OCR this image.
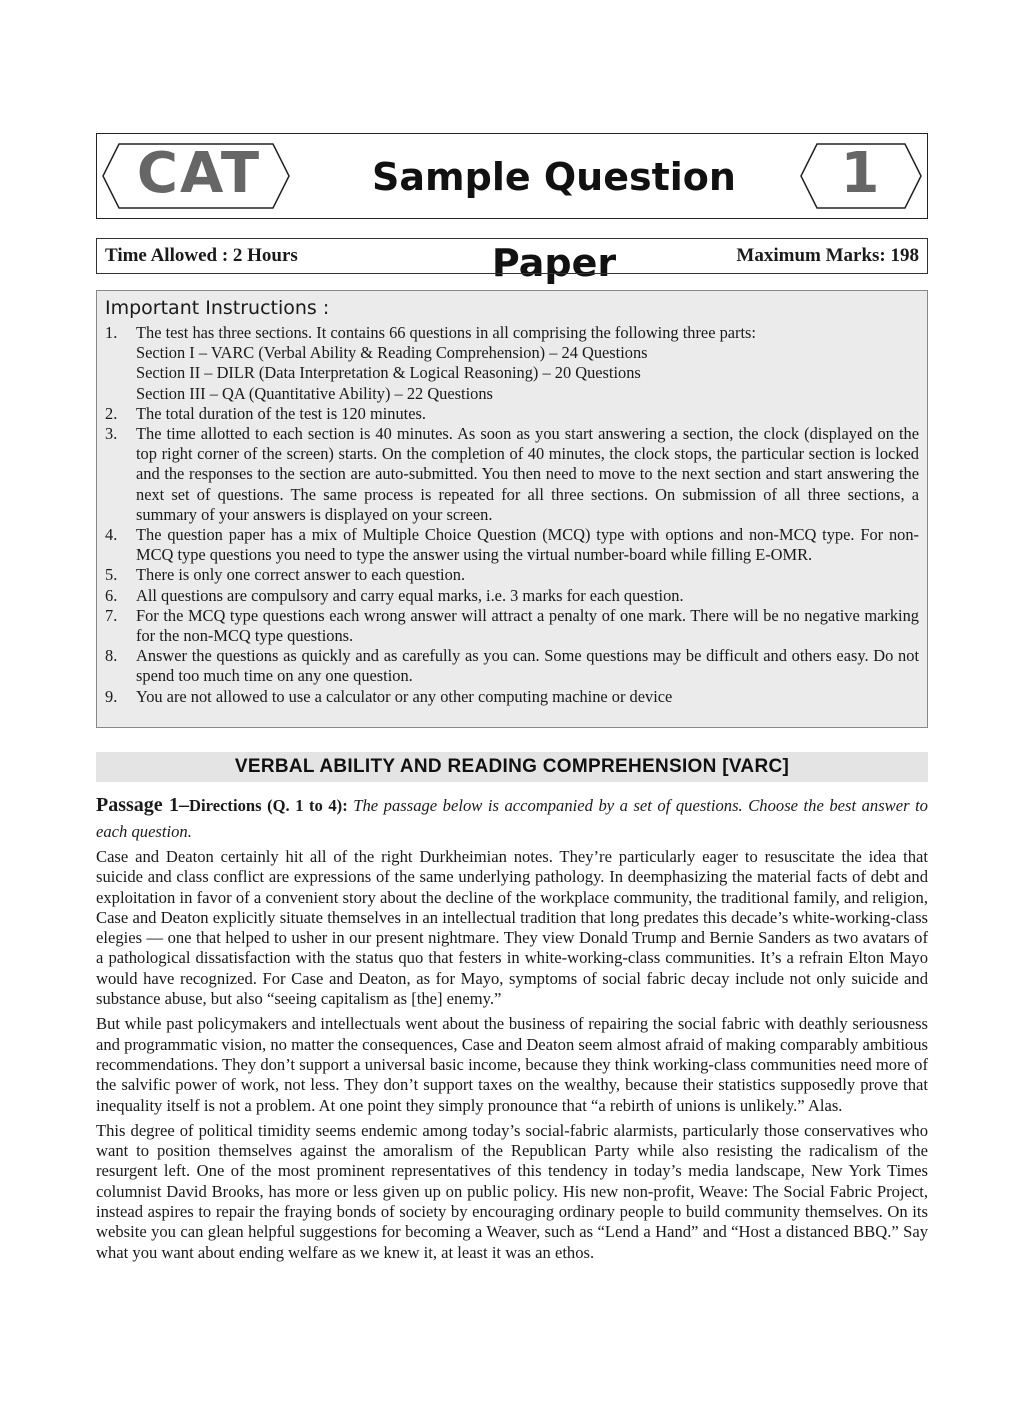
CAT	Sample Question Paper
1
Time Allowed : 2 Hours	Maximum Marks: 198
Important Instructions :
1. The test has three sections. It contains 66 questions in all comprising the following three parts:
Section I – VARC (Verbal Ability & Reading Comprehension) – 24 Questions
Section II – DILR (Data Interpretation & Logical Reasoning) – 20 Questions
Section III – QA (Quantitative Ability) – 22 Questions
2. The total duration of the test is 120 minutes.
3. The time allotted to each section is 40 minutes. As soon as you start answering a section, the clock (displayed on the top right corner of the screen) starts. On the completion of 40 minutes, the clock stops, the particular section is locked and the responses to the section are auto-submitted. You then need to move to the next section and start answering the next set of questions. The same process is repeated for all three sections. On submission of all three sections, a summary of your answers is displayed on your screen.
4. The question paper has a mix of Multiple Choice Question (MCQ) type with options and non-MCQ type. For non-MCQ type questions you need to type the answer using the virtual number-board while filling E-OMR.
5. There is only one correct answer to each question.
6. All questions are compulsory and carry equal marks, i.e. 3 marks for each question.
7. For the MCQ type questions each wrong answer will attract a penalty of one mark. There will be no negative marking for the non-MCQ type questions.
8. Answer the questions as quickly and as carefully as you can. Some questions may be difficult and others easy. Do not spend too much time on any one question.
9. You are not allowed to use a calculator or any other computing machine or device
VERBAL ABILITY AND READING COMPREHENSION [VARC]

Passage 1–Directions (Q. 1 to 4): The passage below is accompanied by a set of questions. Choose the best answer to each question.

Case and Deaton certainly hit all of the right Durkheimian notes. They’re particularly eager to resuscitate the idea that suicide and class conflict are expressions of the same underlying pathology. In deemphasizing the material facts of debt and exploitation in favor of a convenient story about the decline of the workplace community, the traditional family, and religion, Case and Deaton explicitly situate themselves in an intellectual tradition that long predates this decade’s white-working-class elegies — one that helped to usher in our present nightmare. They view Donald Trump and Bernie Sanders as two avatars of a pathological dissatisfaction with the status quo that festers in white-working-class communities. It’s a refrain Elton Mayo would have recognized. For Case and Deaton, as for Mayo, symptoms of social fabric decay include not only suicide and substance abuse, but also “seeing capitalism as [the] enemy.”

But while past policymakers and intellectuals went about the business of repairing the social fabric with deathly seriousness and programmatic vision, no matter the consequences, Case and Deaton seem almost afraid of making comparably ambitious recommendations. They don’t support a universal basic income, because they think working-class communities need more of the salvific power of work, not less. They don’t support taxes on the wealthy, because their statistics supposedly prove that inequality itself is not a problem. At one point they simply pronounce that “a rebirth of unions is unlikely.” Alas.

This degree of political timidity seems endemic among today’s social-fabric alarmists, particularly those conservatives who want to position themselves against the amoralism of the Republican Party while also resisting the radicalism of the resurgent left. One of the most prominent representatives of this tendency in today’s media landscape, New York Times columnist David Brooks, has more or less given up on public policy. His new non-profit, Weave: The Social Fabric Project, instead aspires to repair the fraying bonds of society by encouraging ordinary people to build community themselves. On its website you can glean helpful suggestions for becoming a Weaver, such as “Lend a Hand” and “Host a distanced BBQ.” Say what you want about ending welfare as we knew it, at least it was an ethos.
